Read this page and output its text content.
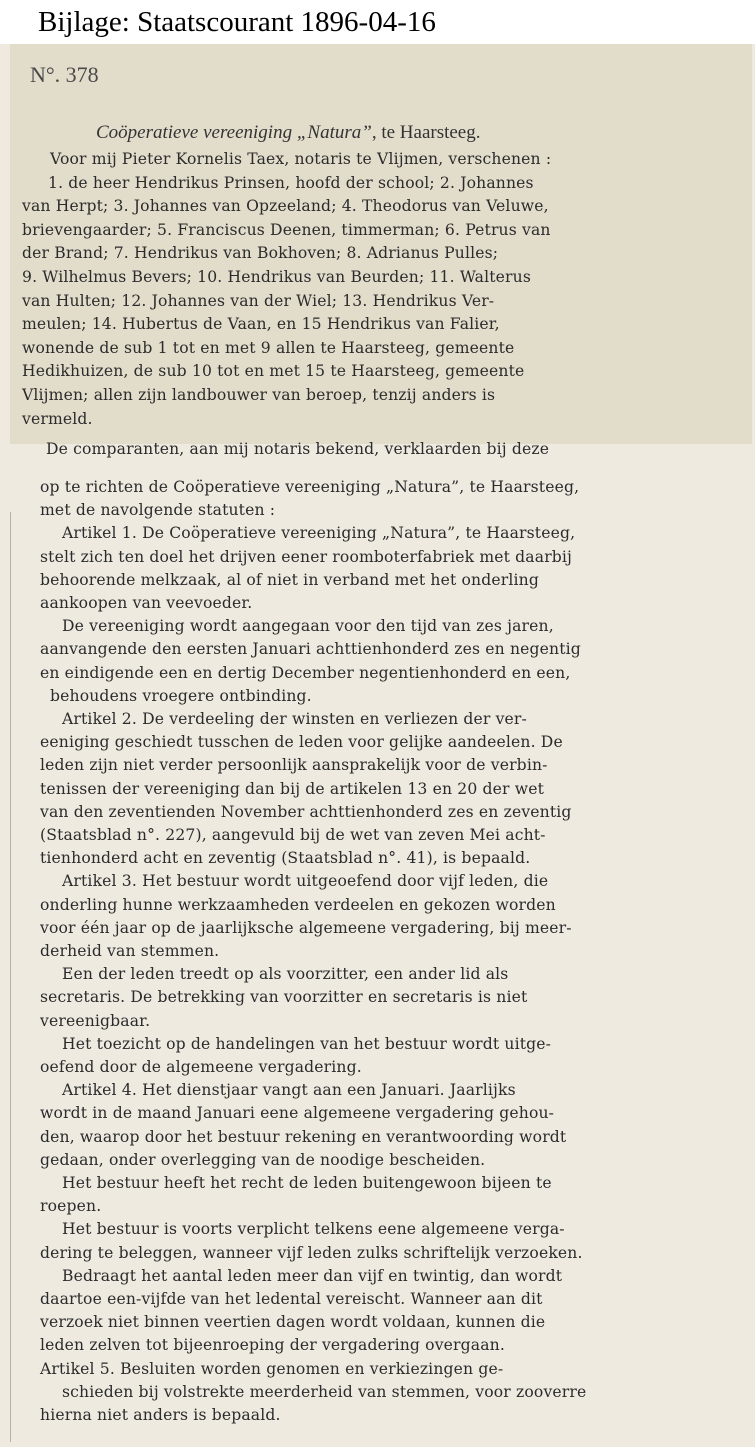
Bijlage: Staatscourant 1896-04-16
N°. 378
Coöperatieve vereeniging „Natura”, te Haarsteeg.
Voor mij Pieter Kornelis Taex, notaris te Vlijmen, verschenen :
1. de heer Hendrikus Prinsen, hoofd der school; 2. Johannes
van Herpt; 3. Johannes van Opzeeland; 4. Theodorus van Veluwe,
brievengaarder; 5. Franciscus Deenen, timmerman; 6. Petrus van
der Brand; 7. Hendrikus van Bokhoven; 8. Adrianus Pulles;
9. Wilhelmus Bevers; 10. Hendrikus van Beurden; 11. Walterus
van Hulten; 12. Johannes van der Wiel; 13. Hendrikus Ver-
meulen; 14. Hubertus de Vaan, en 15 Hendrikus van Falier,
wonende de sub 1 tot en met 9 allen te Haarsteeg, gemeente
Hedikhuizen, de sub 10 tot en met 15 te Haarsteeg, gemeente
Vlijmen; allen zijn landbouwer van beroep, tenzij anders is
vermeld.
De comparanten, aan mij notaris bekend, verklaarden bij deze
op te richten de Coöperatieve vereeniging „Natura”, te Haarsteeg,
met de navolgende statuten :
Artikel 1. De Coöperatieve vereeniging „Natura”, te Haarsteeg,
stelt zich ten doel het drijven eener roomboterfabriek met daarbij
behoorende melkzaak, al of niet in verband met het onderling
aankoopen van veevoeder.
De vereeniging wordt aangegaan voor den tijd van zes jaren,
aanvangende den eersten Januari achttienhonderd zes en negentig
en eindigende een en dertig December negentienhonderd en een,
behoudens vroegere ontbinding.
Artikel 2. De verdeeling der winsten en verliezen der ver-
eeniging geschiedt tusschen de leden voor gelijke aandeelen. De
leden zijn niet verder persoonlijk aansprakelijk voor de verbin-
tenissen der vereeniging dan bij de artikelen 13 en 20 der wet
van den zeventienden November achttienhonderd zes en zeventig
(Staatsblad n°. 227), aangevuld bij de wet van zeven Mei acht-
tienhonderd acht en zeventig (Staatsblad n°. 41), is bepaald.
Artikel 3. Het bestuur wordt uitgeoefend door vijf leden, die
onderling hunne werkzaamheden verdeelen en gekozen worden
voor één jaar op de jaarlijksche algemeene vergadering, bij meer-
derheid van stemmen.
Een der leden treedt op als voorzitter, een ander lid als
secretaris. De betrekking van voorzitter en secretaris is niet
vereenigbaar.
Het toezicht op de handelingen van het bestuur wordt uitge-
oefend door de algemeene vergadering.
Artikel 4. Het dienstjaar vangt aan een Januari. Jaarlijks
wordt in de maand Januari eene algemeene vergadering gehou-
den, waarop door het bestuur rekening en verantwoording wordt
gedaan, onder overlegging van de noodige bescheiden.
Het bestuur heeft het recht de leden buitengewoon bijeen te
roepen.
Het bestuur is voorts verplicht telkens eene algemeene verga-
dering te beleggen, wanneer vijf leden zulks schriftelijk verzoeken.
Bedraagt het aantal leden meer dan vijf en twintig, dan wordt
daartoe een-vijfde van het ledental vereischt. Wanneer aan dit
verzoek niet binnen veertien dagen wordt voldaan, kunnen die
leden zelven tot bijeenroeping der vergadering overgaan.
Artikel 5. Besluiten worden genomen en verkiezingen ge-
schieden bij volstrekte meerderheid van stemmen, voor zooverre
hierna niet anders is bepaald.
